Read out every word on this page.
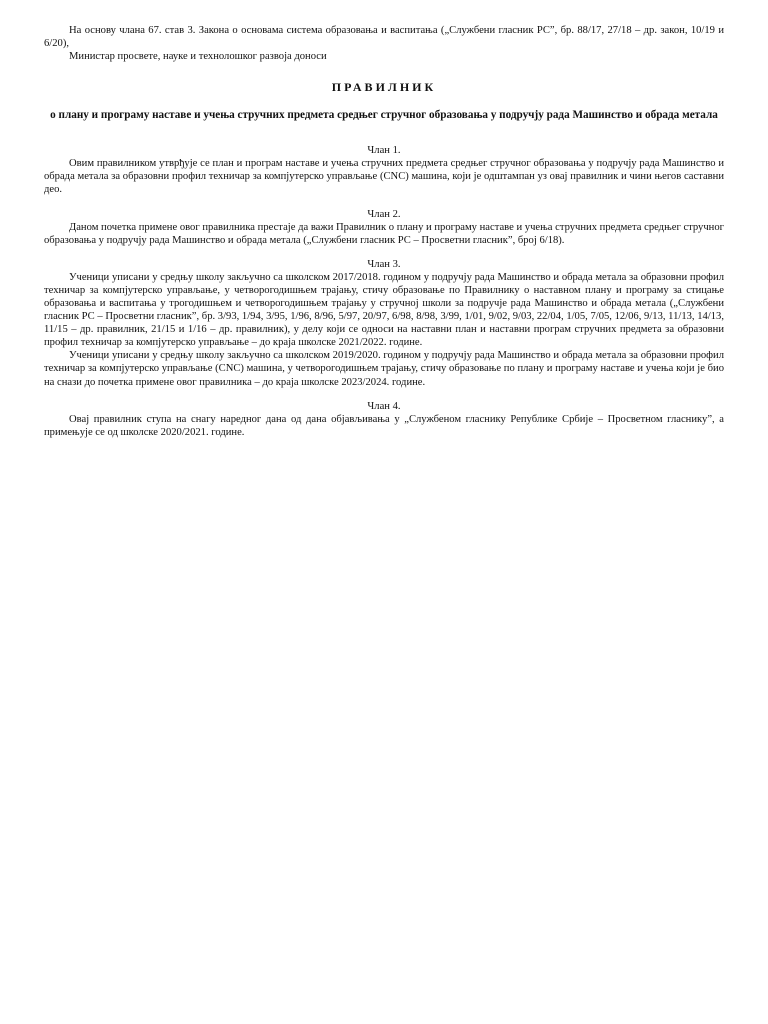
На основу члана 67. став 3. Закона о основама система образовања и васпитања („Службени гласник РС”, бр. 88/17, 27/18 – др. закон, 10/19 и 6/20),

Министар просвете, науке и технолошког развоја доноси

ПРАВИЛНИК
о плану и програму наставе и учења стручних предмета средњег стручног образовања у подручју рада Машинство и обрада метала
Члан 1.

Овим правилником утврђује се план и програм наставе и учења стручних предмета средњег стручног образовања у подручју рада Машинство и обрада метала за образовни профил техничар за компјутерско управљање (CNC) машина, који је одштампан уз овај правилник и чини његов саставни део.

Члан 2.

Даном почетка примене овог правилника престаје да важи Правилник о плану и програму наставе и учења стручних предмета средњег стручног образовања у подручју рада Машинство и обрада метала („Службени гласник РС – Просветни гласник”, број 6/18).

Члан 3.

Ученици уписани у средњу школу закључно са школском 2017/2018. годином у подручју рада Машинство и обрада метала за образовни профил техничар за компјутерско управљање, у четворогодишњем трајању, стичу образовање по Правилнику о наставном плану и програму за стицање образовања и васпитања у трогодишњем и четворогодишњем трајању у стручној школи за подручје рада Машинство и обрада метала („Службени гласник РС – Просветни гласник”, бр. 3/93, 1/94, 3/95, 1/96, 8/96, 5/97, 20/97, 6/98, 8/98, 3/99, 1/01, 9/02, 9/03, 22/04, 1/05, 7/05, 12/06, 9/13, 11/13, 14/13, 11/15 – др. правилник, 21/15 и 1/16 – др. правилник), у делу који се односи на наставни план и наставни програм стручних предмета за образовни профил техничар за компјутерско управљање – до краја школске 2021/2022. године.

Ученици уписани у средњу школу закључно са школском 2019/2020. годином у подручју рада Машинство и обрада метала за образовни профил техничар за компјутерско управљање (CNC) машина, у четворогодишњем трајању, стичу образовање по плану и програму наставе и учења који је био на снази до почетка примене овог правилника – до краја школске 2023/2024. године.

Члан 4.

Овај правилник ступа на снагу наредног дана од дана објављивања у „Службеном гласнику Републике Србије – Просветном гласнику”, а примењује се од школске 2020/2021. године.
